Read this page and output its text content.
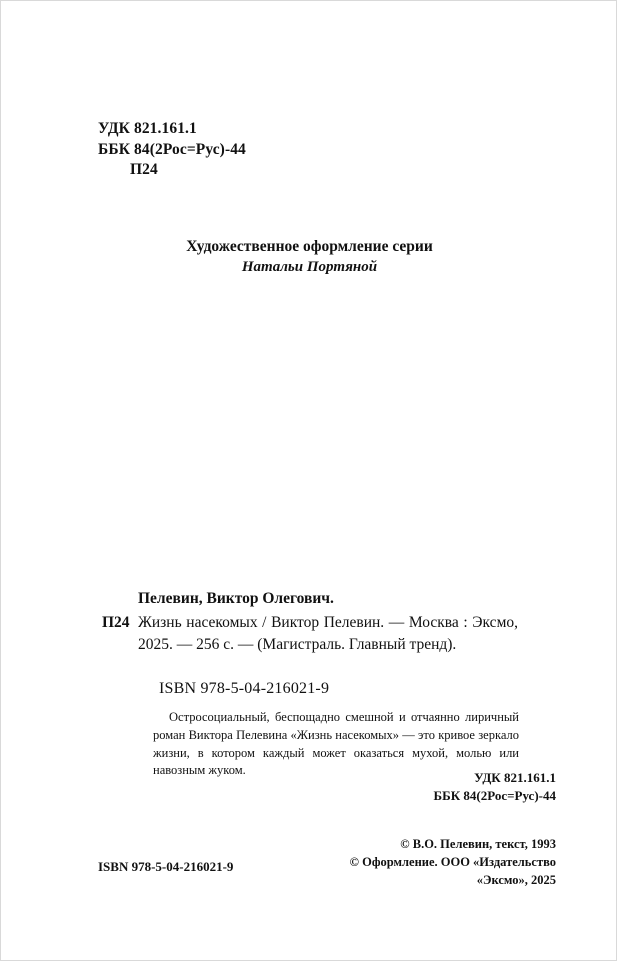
УДК 821.161.1
ББК 84(2Рос=Рус)-44
П24
Художественное оформление серии
Натальи Портяной
Пелевин, Виктор Олегович.
П24 Жизнь насекомых / Виктор Пелевин. — Москва : Эксмо, 2025. — 256 с. — (Магистраль. Главный тренд).
ISBN 978-5-04-216021-9
Остросоциальный, беспощадно смешной и отчаянно лиричный роман Виктора Пелевина «Жизнь насекомых» — это кривое зеркало жизни, в котором каждый может оказаться мухой, молью или навозным жуком.	УДК 821.161.1
ББК 84(2Рос=Рус)-44
© В.О. Пелевин, текст, 1993
© Оформление. ООО «Издательство
«Эксмо», 2025
ISBN 978-5-04-216021-9
